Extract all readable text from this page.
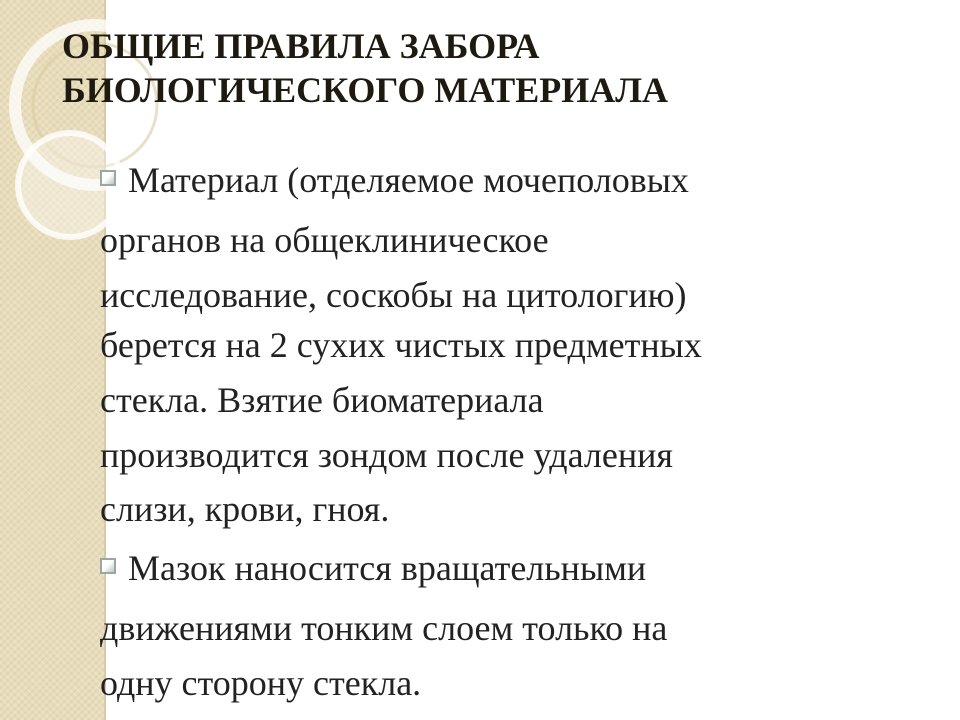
ОБЩИЕ ПРАВИЛА ЗАБОРА
БИОЛОГИЧЕСКОГО МАТЕРИАЛА
Материал (отделяемое мочеполовых
органов на общеклиническое
исследование, соскобы на цитологию)
берется на 2 сухих чистых предметных
стекла. Взятие биоматериала
производится зондом после удаления
слизи, крови, гноя.
Мазок наносится вращательными
движениями тонким слоем только на
одну сторону стекла.
